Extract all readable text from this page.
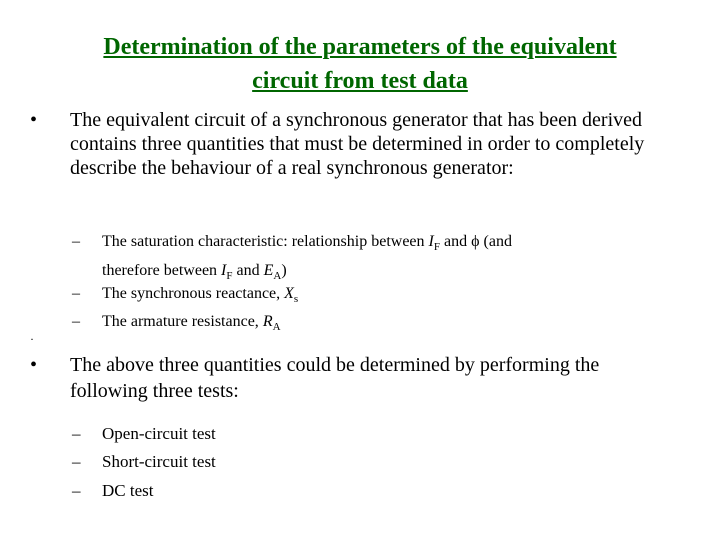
Determination of the parameters of the equivalent
circuit from test data
• The equivalent circuit of a synchronous generator that has been derived contains three quantities that must be determined in order to completely describe the behaviour of a real synchronous generator:
– The saturation characteristic: relationship between $I_F$ and ϕ (and
therefore between $I_F$ and $E_A$)
– The synchronous reactance, $X_s$
– The armature resistance, $R_A$
·
• The above three quantities could be determined by performing the following three tests:
– Open-circuit test
– Short-circuit test
– DC test
